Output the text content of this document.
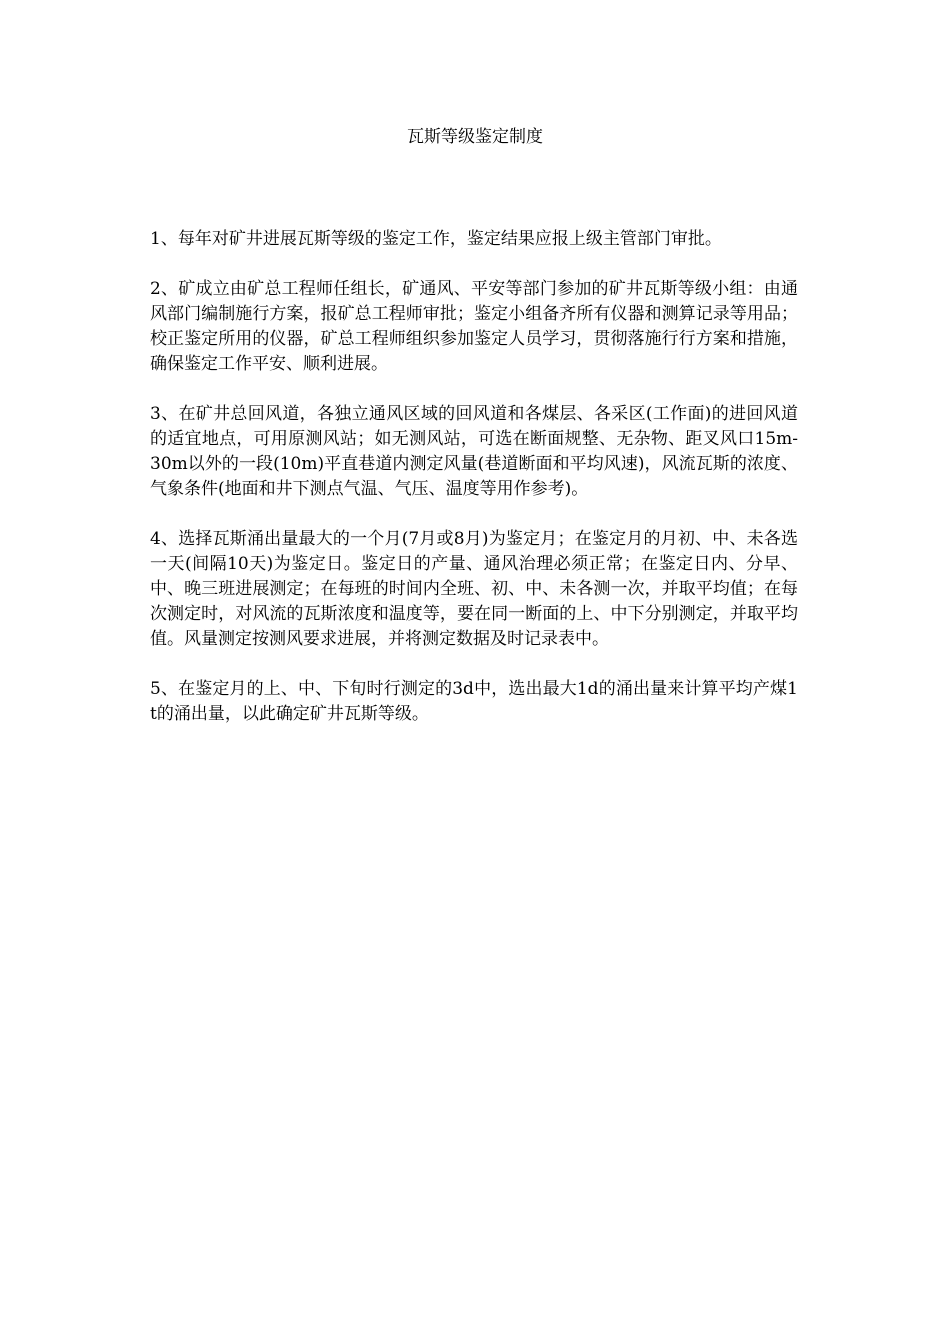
瓦斯等级鉴定制度

1、每年对矿井进展瓦斯等级的鉴定工作，鉴定结果应报上级主管部门审批。

2、矿成立由矿总工程师任组长，矿通风、平安等部门参加的矿井瓦斯等级小组：由通风部门编制施行方案，报矿总工程师审批；鉴定小组备齐所有仪器和测算记录等用品；校正鉴定所用的仪器，矿总工程师组织参加鉴定人员学习，贯彻落施行行方案和措施，确保鉴定工作平安、顺利进展。

3、在矿井总回风道，各独立通风区域的回风道和各煤层、各采区(工作面)的进回风道的适宜地点，可用原测风站；如无测风站，可选在断面规整、无杂物、距叉风口15m-30m以外的一段(10m)平直巷道内测定风量(巷道断面和平均风速)，风流瓦斯的浓度、气象条件(地面和井下测点气温、气压、温度等用作参考)。

4、选择瓦斯涌出量最大的一个月(7月或8月)为鉴定月；在鉴定月的月初、中、未各选一天(间隔10天)为鉴定日。鉴定日的产量、通风治理必须正常；在鉴定日内、分早、中、晚三班进展测定；在每班的时间内全班、初、中、未各测一次，并取平均值；在每次测定时，对风流的瓦斯浓度和温度等，要在同一断面的上、中下分别测定，并取平均值。风量测定按测风要求进展，并将测定数据及时记录表中。

5、在鉴定月的上、中、下旬时行测定的3d中，选出最大1d的涌出量来计算平均产煤1t的涌出量，以此确定矿井瓦斯等级。
